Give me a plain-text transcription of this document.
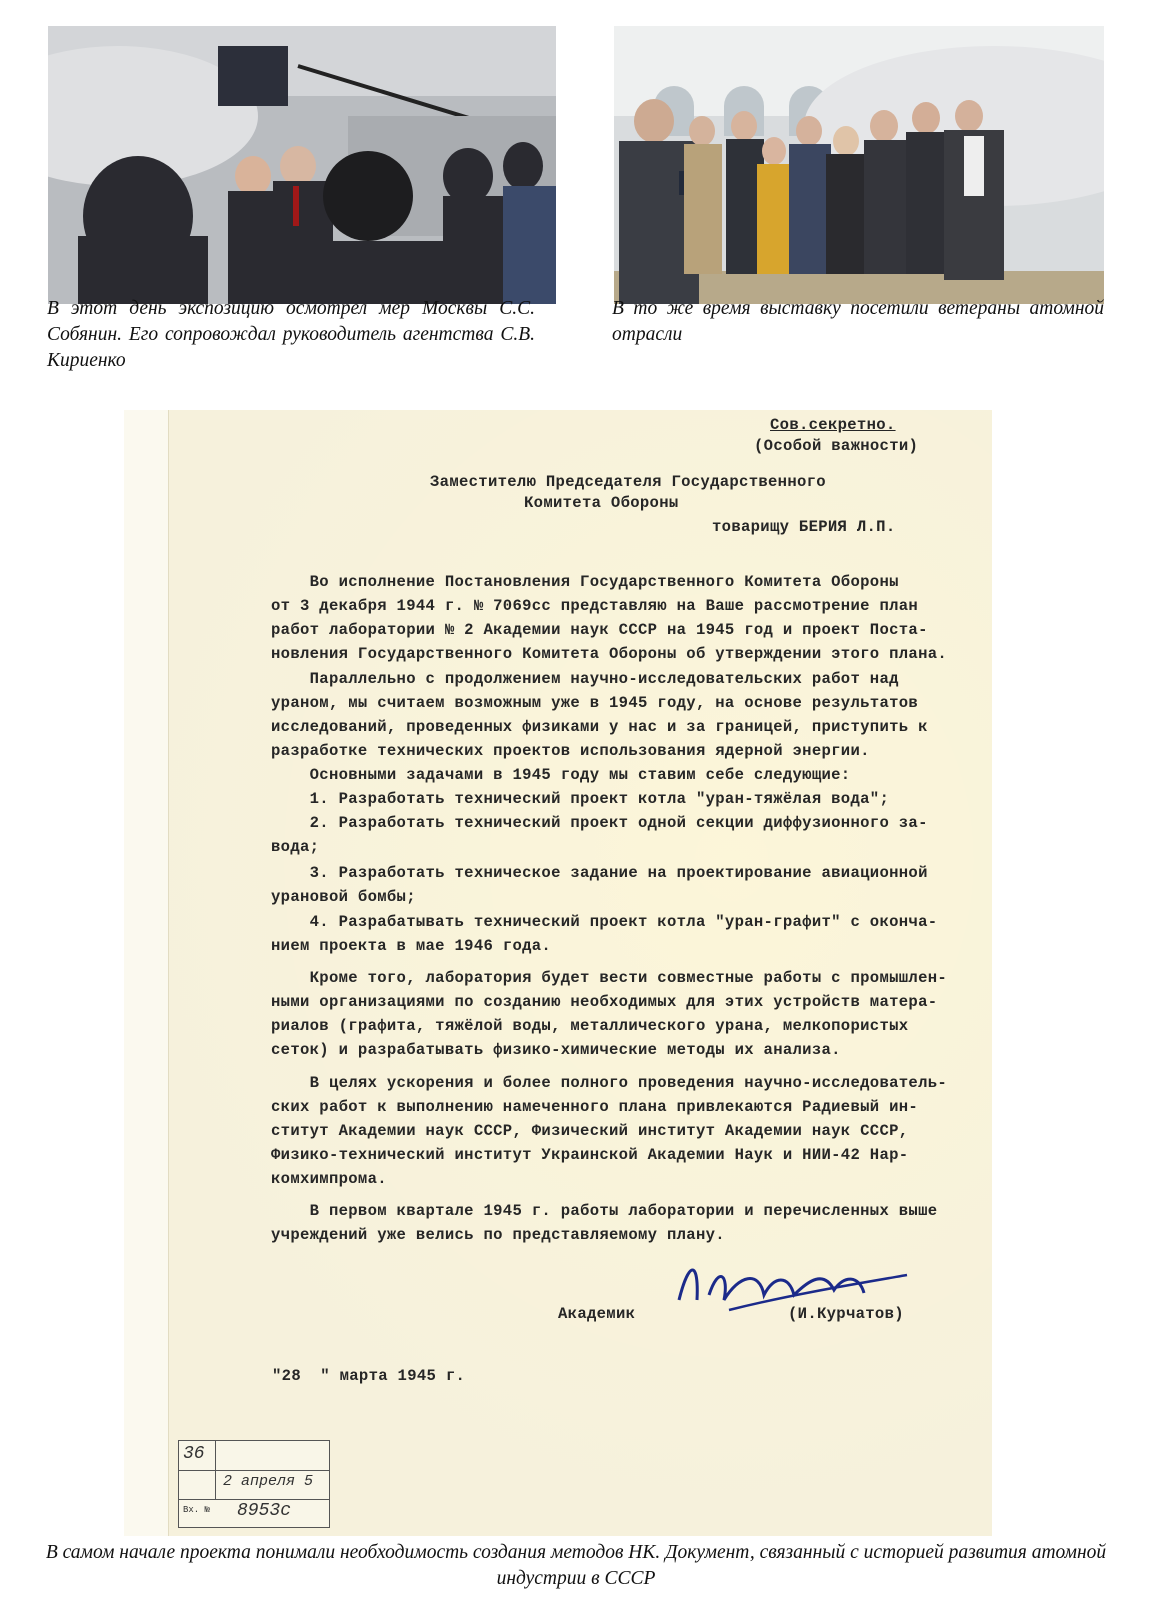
В этот день экспозицию осмотрел мер Москвы С.С. Собянин. Его сопровождал руководитель агентства С.В. Кириенко

В то же время выставку посетили ветераны атомной отрасли

Сов.секретно.

(Особой важности)

Заместителю Председателя Государственного

Комитета Обороны

товарищу БЕРИЯ Л.П.

Во исполнение Постановления Государственного Комитета Обороны

от 3 декабря 1944 г. № 7069сс представляю на Ваше рассмотрение план

работ лаборатории № 2 Академии наук СССР на 1945 год и проект Поста-

новления Государственного Комитета Обороны об утверждении этого плана.

Параллельно с продолжением научно-исследовательских работ над

ураном, мы считаем возможным уже в 1945 году, на основе результатов

исследований, проведенных физиками у нас и за границей, приступить к

разработке технических проектов использования ядерной энергии.

Основными задачами в 1945 году мы ставим себе следующие:

1. Разработать технический проект котла "уран-тяжёлая вода";

2. Разработать технический проект одной секции диффузионного за-

вода;

3. Разработать техническое задание на проектирование авиационной

урановой бомбы;

4. Разрабатывать технический проект котла "уран-графит" с оконча-

нием проекта в мае 1946 года.

Кроме того, лаборатория будет вести совместные работы с промышлен-

ными организациями по созданию необходимых для этих устройств матера-

риалов (графита, тяжёлой воды, металлического урана, мелкопористых

сеток) и разрабатывать физико-химические методы их анализа.

В целях ускорения и более полного проведения научно-исследователь-

ских работ к выполнению намеченного плана привлекаются Радиевый ин-

ститут Академии наук СССР, Физический институт Академии наук СССР,

Физико-технический институт Украинской Академии Наук и НИИ-42 Нар-

комхимпрома.

В первом квартале 1945 г. работы лаборатории и перечисленных выше

учреждений уже велись по представляемому плану.

Академик	(И.Курчатов)

"28  " марта 1945 г.

36
2 апреля 5
Вх. № 8953с

В самом начале проекта понимали необходимость создания методов НК. Документ, связанный с историей развития атомной индустрии в СССР
